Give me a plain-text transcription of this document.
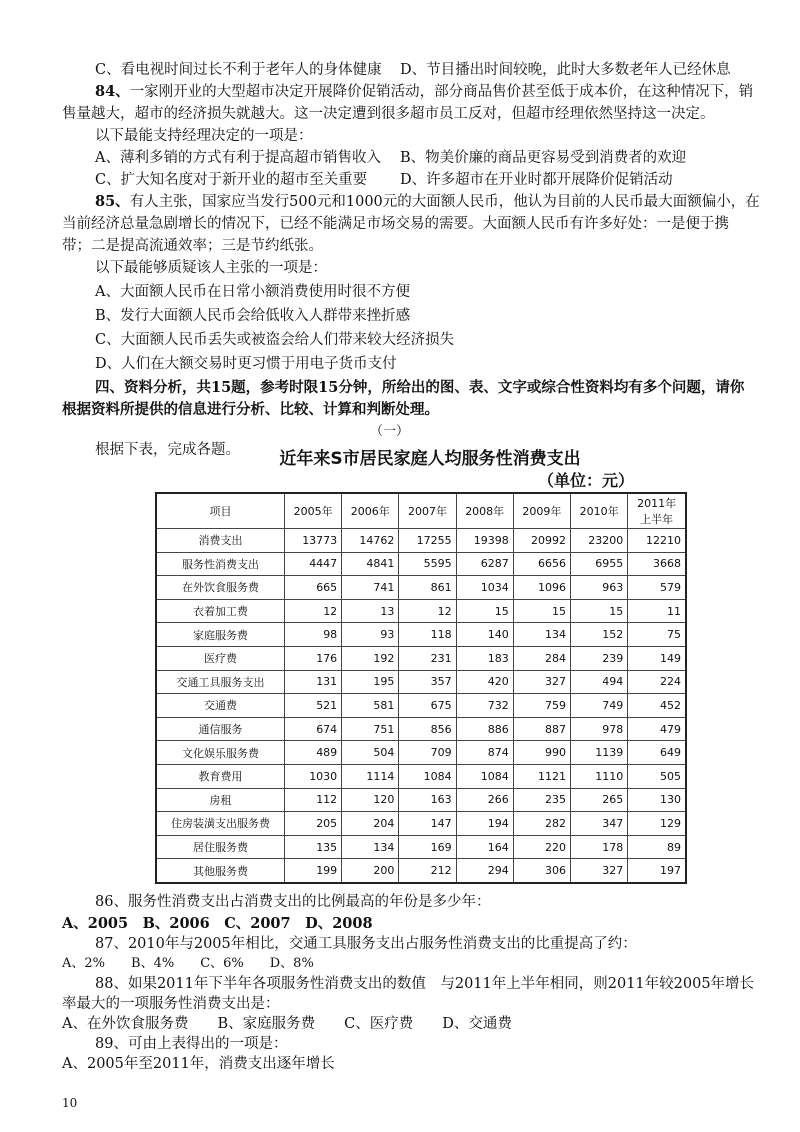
C、看电视时间过长不利于老年人的身体健康 D、节目播出时间较晚，此时大多数老年人已经休息
84、一家刚开业的大型超市决定开展降价促销活动，部分商品售价甚至低于成本价，在这种情况下，销
售量越大，超市的经济损失就越大。这一决定遭到很多超市员工反对，但超市经理依然坚持这一决定。
以下最能支持经理决定的一项是：
A、薄利多销的方式有利于提高超市销售收入 B、物美价廉的商品更容易受到消费者的欢迎
C、扩大知名度对于新开业的超市至关重要 D、许多超市在开业时都开展降价促销活动
85、有人主张，国家应当发行500元和1000元的大面额人民币，他认为目前的人民币最大面额偏小，在
当前经济总量急剧增长的情况下，已经不能满足市场交易的需要。大面额人民币有许多好处：一是便于携
带；二是提高流通效率；三是节约纸张。
以下最能够质疑该人主张的一项是：
A、大面额人民币在日常小额消费使用时很不方便
B、发行大面额人民币会给低收入人群带来挫折感
C、大面额人民币丢失或被盗会给人们带来较大经济损失
D、人们在大额交易时更习惯于用电子货币支付
四、资料分析，共15题，参考时限15分钟，所给出的图、表、文字或综合性资料均有多个问题，请你
根据资料所提供的信息进行分析、比较、计算和判断处理。
（一）
根据下表，完成各题。	近年来S市居民家庭人均服务性消费支出
（单位：元）
项目	2005年	2006年	2007年	2008年	2009年	2010年	2011年
上半年

消费支出	13773	14762	17255	19398	20992	23200	12210
服务性消费支出	4447	4841	5595	6287	6656	6955	3668
在外饮食服务费	665	741	861	1034	1096	963	579
衣着加工费	12	13	12	15	15	15	11
家庭服务费	98	93	118	140	134	152	75
医疗费	176	192	231	183	284	239	149
交通工具服务支出	131	195	357	420	327	494	224
交通费	521	581	675	732	759	749	452
通信服务	674	751	856	886	887	978	479
文化娱乐服务费	489	504	709	874	990	1139	649
教育费用	1030	1114	1084	1084	1121	1110	505
房租	112	120	163	266	235	265	130
住房装潢支出服务费	205	204	147	194	282	347	129
居住服务费	135	134	169	164	220	178	89
其他服务费	199	200	212	294	306	327	197
86、服务性消费支出占消费支出的比例最高的年份是多少年：
A、2005　B、2006　C、2007　D、2008
87、2010年与2005年相比，交通工具服务支出占服务性消费支出的比重提高了约：
A、2%　　B、4%　　C、6%　　D、8%
88、如果2011年下半年各项服务性消费支出的数值　与2011年上半年相同，则2011年较2005年增长
率最大的一项服务性消费支出是：
A、在外饮食服务费　　B、家庭服务费　　C、医疗费　　D、交通费
89、可由上表得出的一项是：
A、2005年至2011年，消费支出逐年增长
10
